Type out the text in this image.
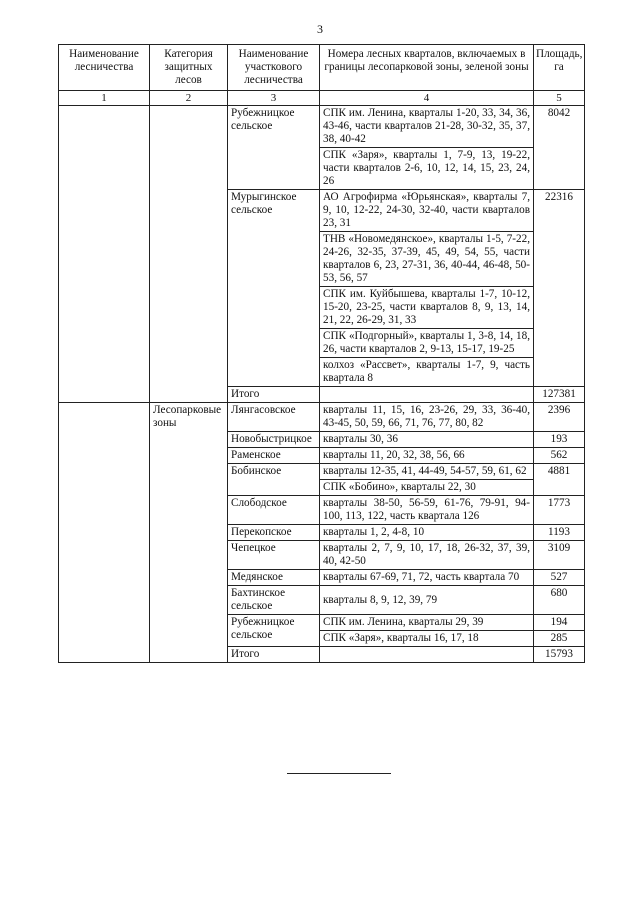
3
Наименование лесничества	Категория защитных лесов	Наименование участкового лесничества	Номера лесных кварталов, включаемых в границы лесопарковой зоны, зеленой зоны	Площадь, га
1	2	3	4	5
		Рубежницкое сельское	СПК им. Ленина, кварталы 1-20, 33, 34, 36, 43-46, части кварталов 21-28, 30-32, 35, 37, 38, 40-42	8042
			СПК «Заря», кварталы 1, 7-9, 13, 19-22, части кварталов 2-6, 10, 12, 14, 15, 23, 24, 26	
		Мурыгинское сельское	АО Агрофирма «Юрьянская», кварталы 7, 9, 10, 12-22, 24-30, 32-40, части кварталов 23, 31	22316
			ТНВ «Новомедянское», кварталы 1-5, 7-22, 24-26, 32-35, 37-39, 45, 49, 54, 55, части кварталов 6, 23, 27-31, 36, 40-44, 46-48, 50-53, 56, 57	
			СПК им. Куйбышева, кварталы 1-7, 10-12, 15-20, 23-25, части кварталов 8, 9, 13, 14, 21, 22, 26-29, 31, 33	
			СПК «Подгорный», кварталы 1, 3-8, 14, 18, 26, части кварталов 2, 9-13, 15-17, 19-25	
			колхоз «Рассвет», кварталы 1-7, 9, часть квартала 8	
		Итого		127381
	Лесопарковые зоны	Лянгасовское	кварталы 11, 15, 16, 23-26, 29, 33, 36-40, 43-45, 50, 59, 66, 71, 76, 77, 80, 82	2396
		Новобыстрицкое	кварталы 30, 36	193
		Раменское	кварталы 11, 20, 32, 38, 56, 66	562
		Бобинское	кварталы 12-35, 41, 44-49, 54-57, 59, 61, 62	4881
			СПК «Бобино», кварталы 22, 30	
		Слободское	кварталы 38-50, 56-59, 61-76, 79-91, 94-100, 113, 122, часть квартала 126	1773
		Перекопское	кварталы 1, 2, 4-8, 10	1193
		Чепецкое	кварталы 2, 7, 9, 10, 17, 18, 26-32, 37, 39, 40, 42-50	3109
		Медянское	кварталы 67-69, 71, 72, часть квартала 70	527
		Бахтинское сельское	кварталы 8, 9, 12, 39, 79	680
		Рубежницкое сельское	СПК им. Ленина, кварталы 29, 39	194
			СПК «Заря», кварталы 16, 17, 18	285
		Итого		15793
